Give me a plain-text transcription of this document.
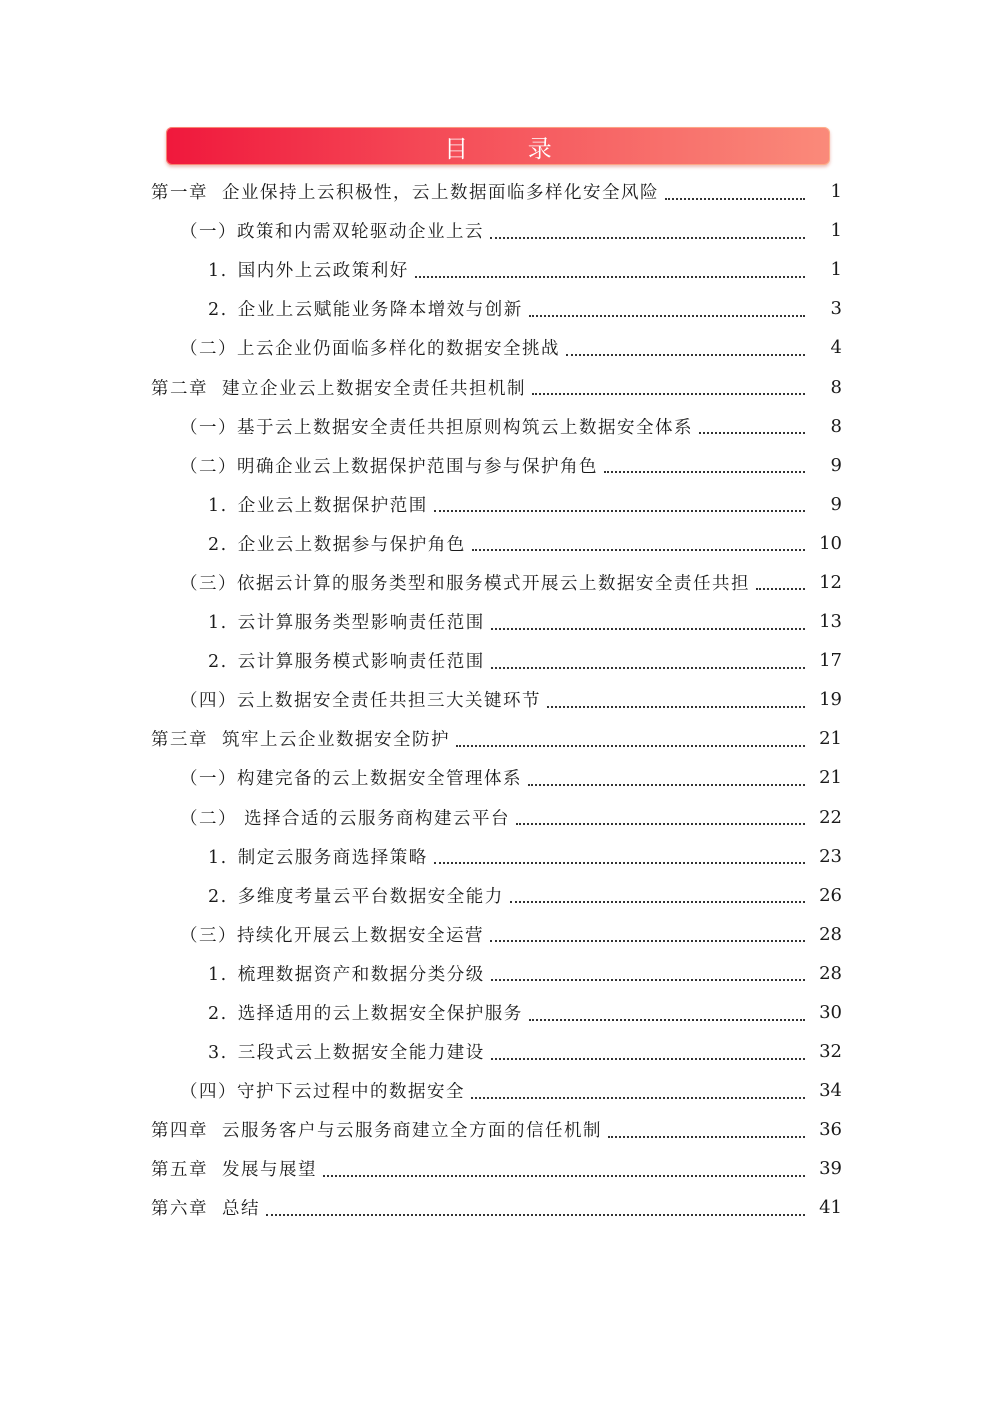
目 录
第一章 企业保持上云积极性，云上数据面临多样化安全风险	1
（一）政策和内需双轮驱动企业上云	1
1. 国内外上云政策利好	1
2. 企业上云赋能业务降本增效与创新	3
（二）上云企业仍面临多样化的数据安全挑战	4
第二章 建立企业云上数据安全责任共担机制	8
（一）基于云上数据安全责任共担原则构筑云上数据安全体系	8
（二）明确企业云上数据保护范围与参与保护角色	9
1. 企业云上数据保护范围	9
2. 企业云上数据参与保护角色	10
（三）依据云计算的服务类型和服务模式开展云上数据安全责任共担	12
1. 云计算服务类型影响责任范围	13
2. 云计算服务模式影响责任范围	17
（四）云上数据安全责任共担三大关键环节	19
第三章 筑牢上云企业数据安全防护	21
（一）构建完备的云上数据安全管理体系	21
（二） 选择合适的云服务商构建云平台	22
1. 制定云服务商选择策略	23
2. 多维度考量云平台数据安全能力	26
（三）持续化开展云上数据安全运营	28
1. 梳理数据资产和数据分类分级	28
2. 选择适用的云上数据安全保护服务	30
3. 三段式云上数据安全能力建设	32
（四）守护下云过程中的数据安全	34
第四章 云服务客户与云服务商建立全方面的信任机制	36
第五章 发展与展望	39
第六章 总结	41
